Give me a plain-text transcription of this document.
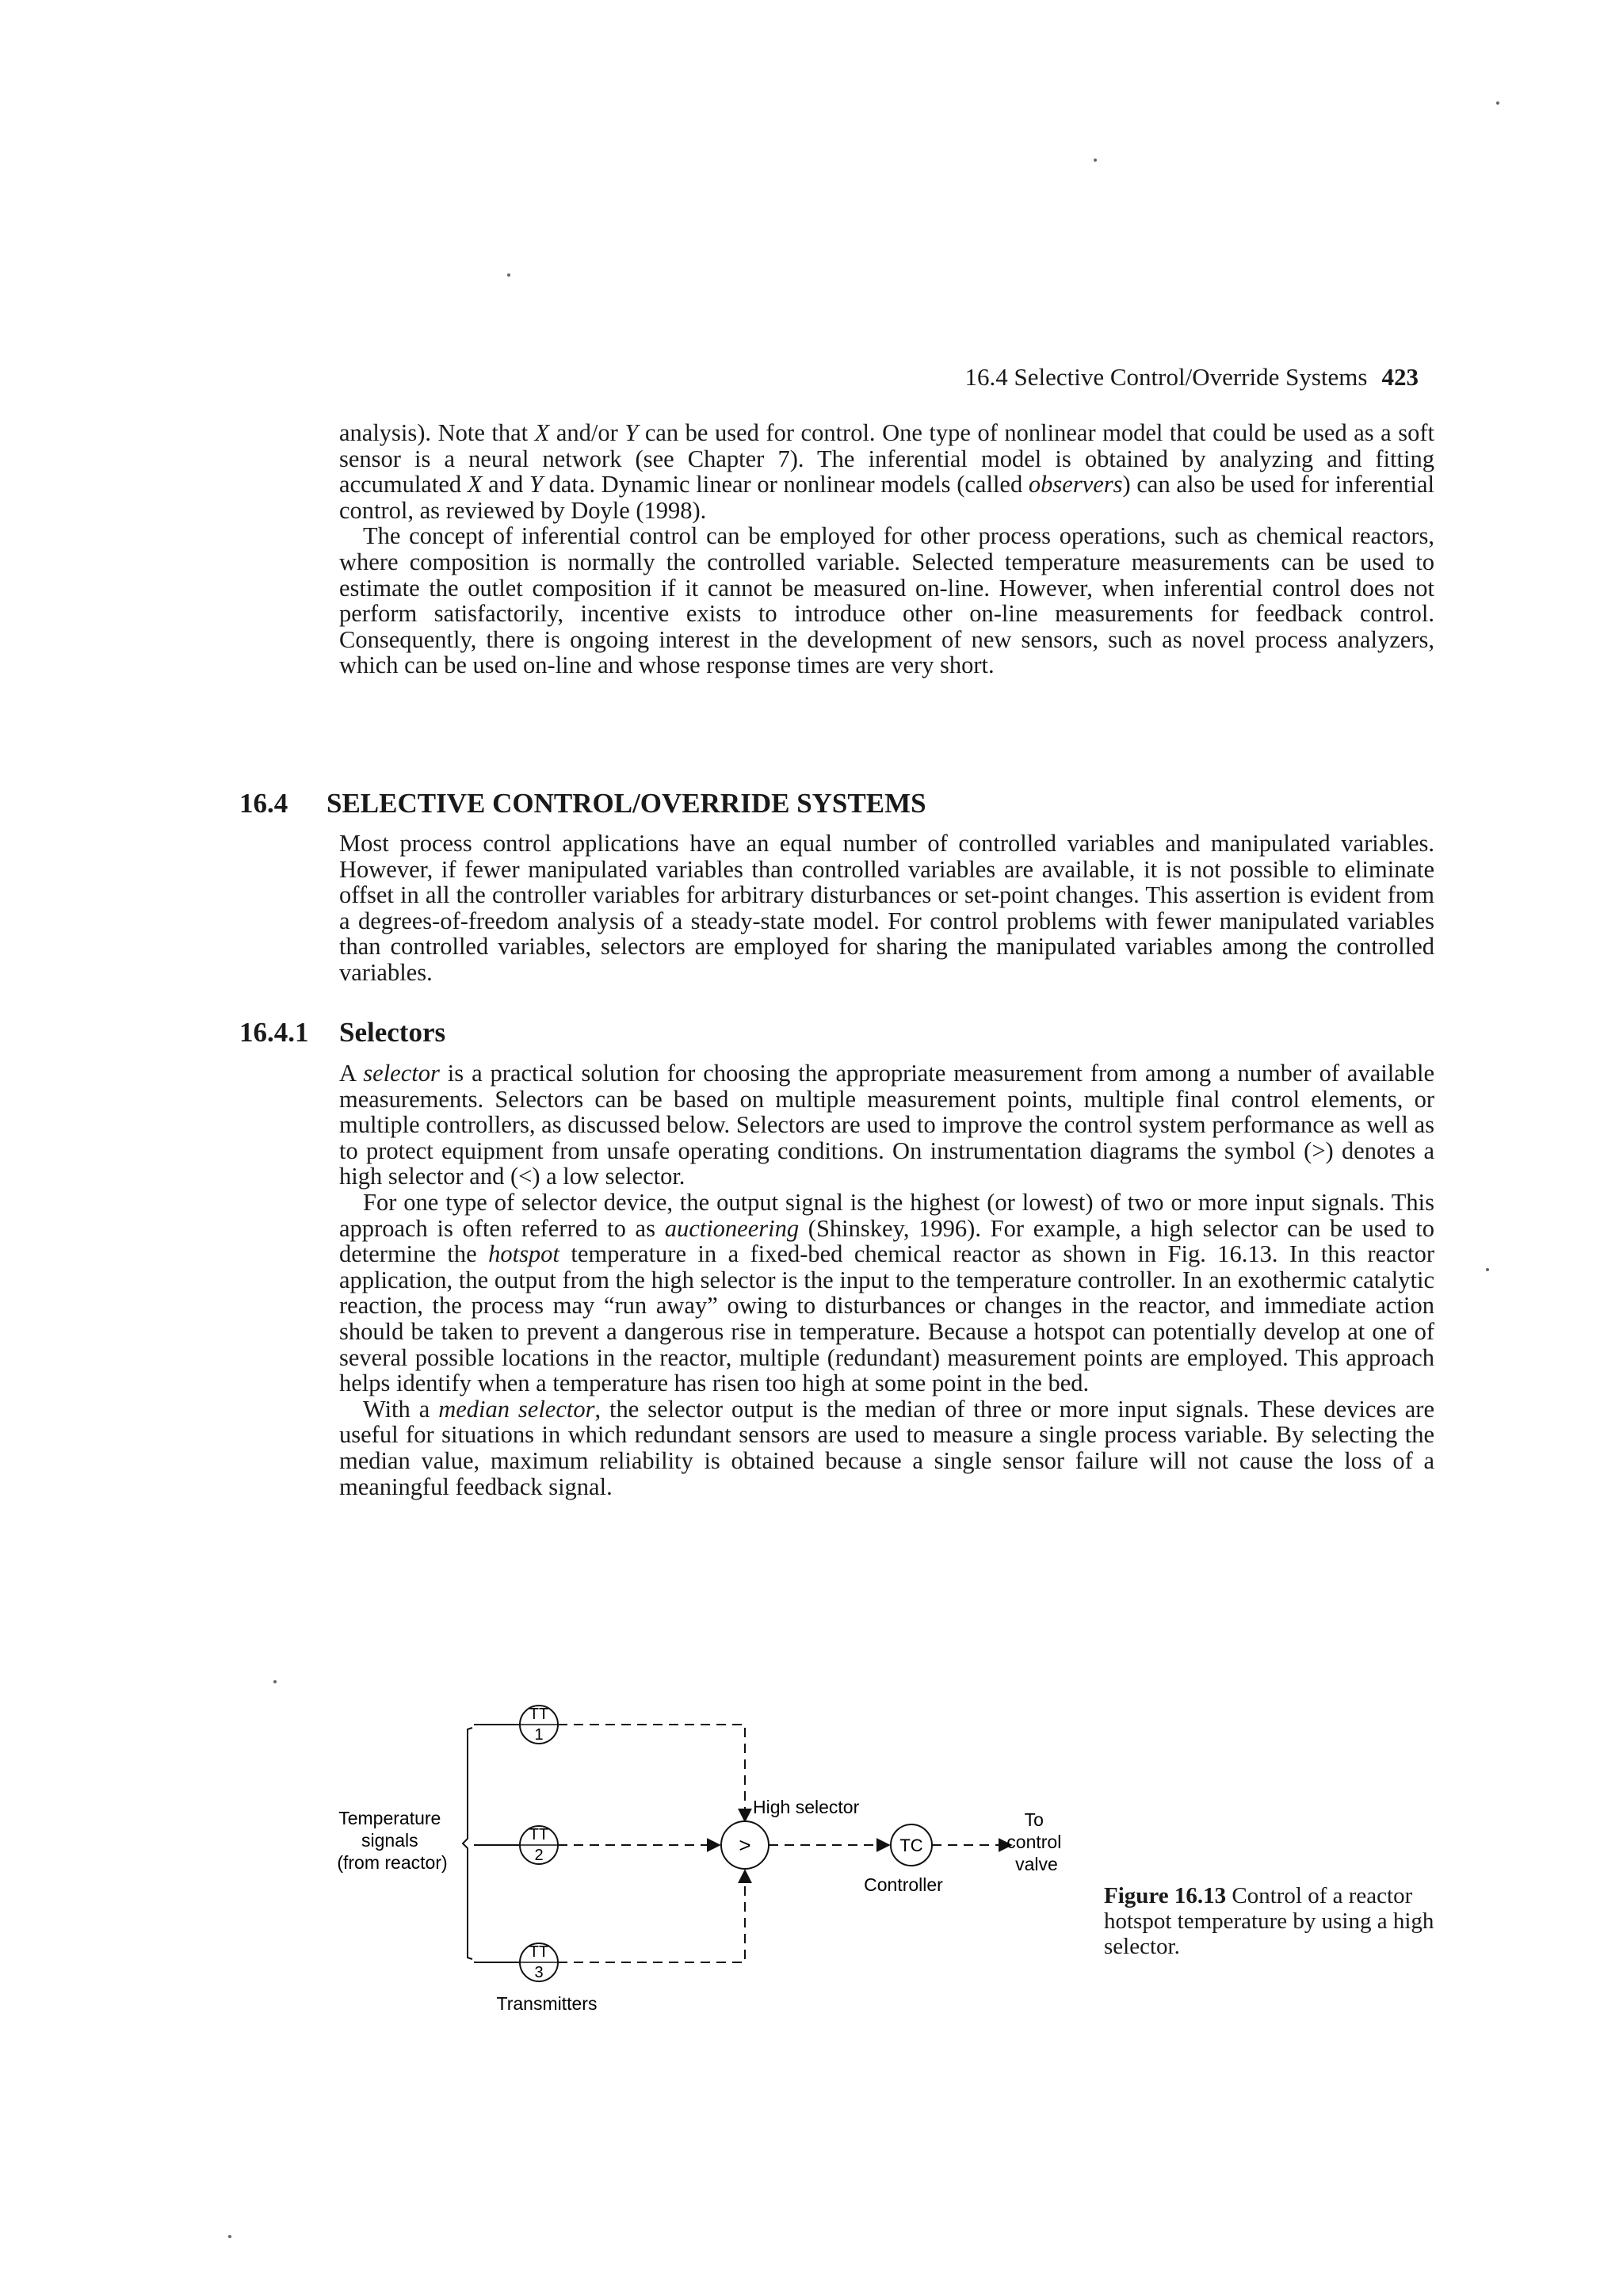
16.4 Selective Control/Override Systems 423

analysis). Note that X and/or Y can be used for control. One type of nonlinear model that could be used as a soft sensor is a neural network (see Chapter 7). The inferential model is obtained by analyzing and fitting accumulated X and Y data. Dynamic linear or nonlinear models (called observers) can also be used for inferential control, as reviewed by Doyle (1998).

The concept of inferential control can be employed for other process operations, such as chemical reactors, where composition is normally the controlled variable. Selected temperature measurements can be used to estimate the outlet composition if it cannot be measured on-line. However, when inferential control does not perform satisfactorily, incentive exists to introduce other on-line measurements for feedback control. Consequently, there is ongoing interest in the development of new sensors, such as novel process analyzers, which can be used on-line and whose response times are very short.

16.4 SELECTIVE CONTROL/OVERRIDE SYSTEMS

Most process control applications have an equal number of controlled variables and manipulated variables. However, if fewer manipulated variables than controlled variables are available, it is not possible to eliminate offset in all the controller variables for arbitrary disturbances or set-point changes. This assertion is evident from a degrees-of-freedom analysis of a steady-state model. For control problems with fewer manipulated variables than controlled variables, selectors are employed for sharing the manipulated variables among the controlled variables.

16.4.1 Selectors

A selector is a practical solution for choosing the appropriate measurement from among a number of available measurements. Selectors can be based on multiple measurement points, multiple final control elements, or multiple controllers, as discussed below. Selectors are used to improve the control system performance as well as to protect equipment from unsafe operating conditions. On instrumentation diagrams the symbol (>) denotes a high selector and (<) a low selector.

For one type of selector device, the output signal is the highest (or lowest) of two or more input signals. This approach is often referred to as auctioneering (Shinskey, 1996). For example, a high selector can be used to determine the hotspot temperature in a fixed-bed chemical reactor as shown in Fig. 16.13. In this reactor application, the output from the high selector is the input to the temperature controller. In an exothermic catalytic reaction, the process may “run away” owing to disturbances or changes in the reactor, and immediate action should be taken to prevent a dangerous rise in temperature. Because a hotspot can potentially develop at one of several possible locations in the reactor, multiple (redundant) measurement points are employed. This approach helps identify when a temperature has risen too high at some point in the bed.

With a median selector, the selector output is the median of three or more input signals. These devices are useful for situations in which redundant sensors are used to measure a single process variable. By selecting the median value, maximum reliability is obtained because a single sensor failure will not cause the loss of a meaningful feedback signal.

TT
1
TT
2
TT
3
>
High selector
TC
Controller
To control valve
Temperature signals (from reactor)
Transmitters
Figure 16.13 Control of a reactor hotspot temperature by using a high selector.
